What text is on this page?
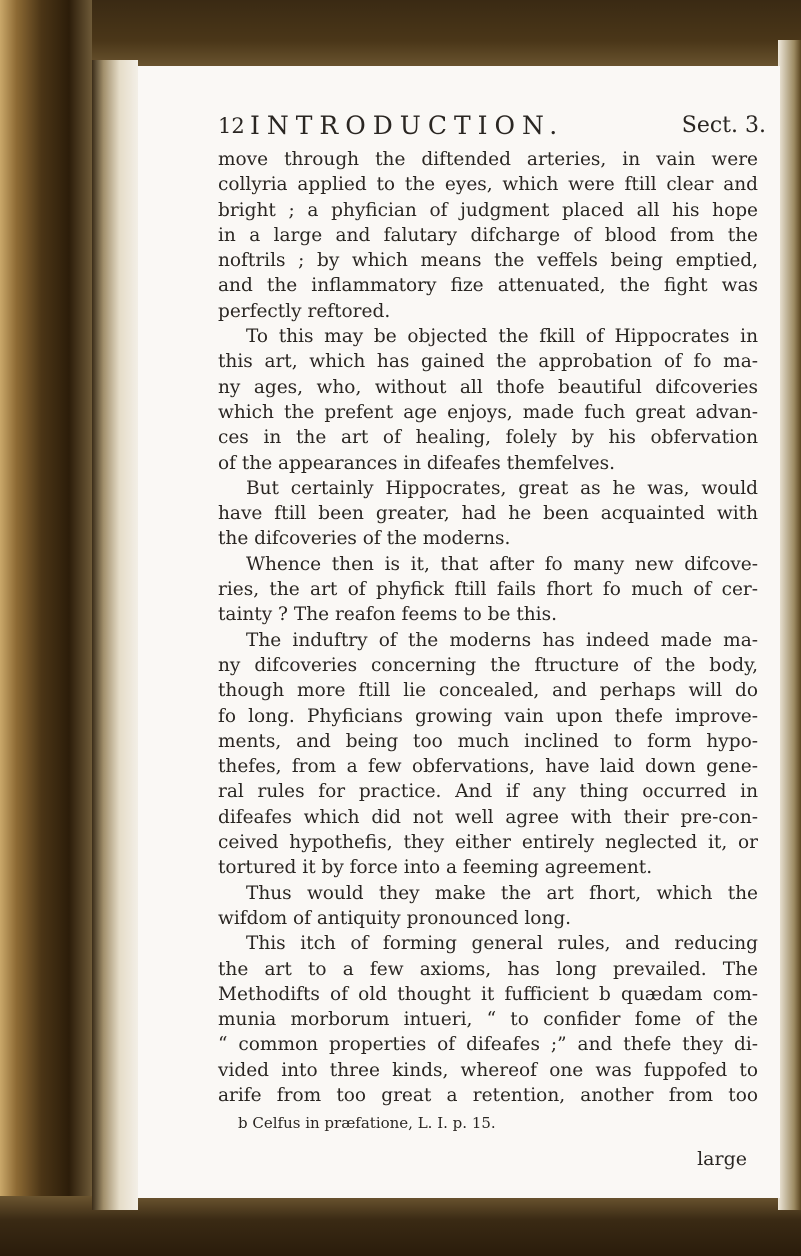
12 INTRODUCTION.	Sect. 3.
move through the diftended arteries, in vain were
collyria applied to the eyes, which were ftill clear and
bright ; a phyfician of judgment placed all his hope
in a large and falutary difcharge of blood from the
noftrils ; by which means the veffels being emptied,
and the inflammatory fize attenuated, the fight was
perfectly reftored.
To this may be objected the fkill of Hippocrates in
this art, which has gained the approbation of fo ma-
ny ages, who, without all thofe beautiful difcoveries
which the prefent age enjoys, made fuch great advan-
ces in the art of healing, folely by his obfervation
of the appearances in difeafes themfelves.
But certainly Hippocrates, great as he was, would
have ftill been greater, had he been acquainted with
the difcoveries of the moderns.
Whence then is it, that after fo many new difcove-
ries, the art of phyfick ftill fails fhort fo much of cer-
tainty ? The reafon feems to be this.
The induftry of the moderns has indeed made ma-
ny difcoveries concerning the ftructure of the body,
though more ftill lie concealed, and perhaps will do
fo long. Phyficians growing vain upon thefe improve-
ments, and being too much inclined to form hypo-
thefes, from a few obfervations, have laid down gene-
ral rules for practice. And if any thing occurred in
difeafes which did not well agree with their pre-con-
ceived hypothefis, they either entirely neglected it, or
tortured it by force into a feeming agreement.
Thus would they make the art fhort, which the
wifdom of antiquity pronounced long.
This itch of forming general rules, and reducing
the art to a few axioms, has long prevailed. The
Methodifts of old thought it fufficient b quædam com-
munia morborum intueri, “ to confider fome of the
“ common properties of difeafes ;” and thefe they di-
vided into three kinds, whereof one was fuppofed to
arife from too great a retention, another from too
b Celfus in præfatione, L. I. p. 15.
large
